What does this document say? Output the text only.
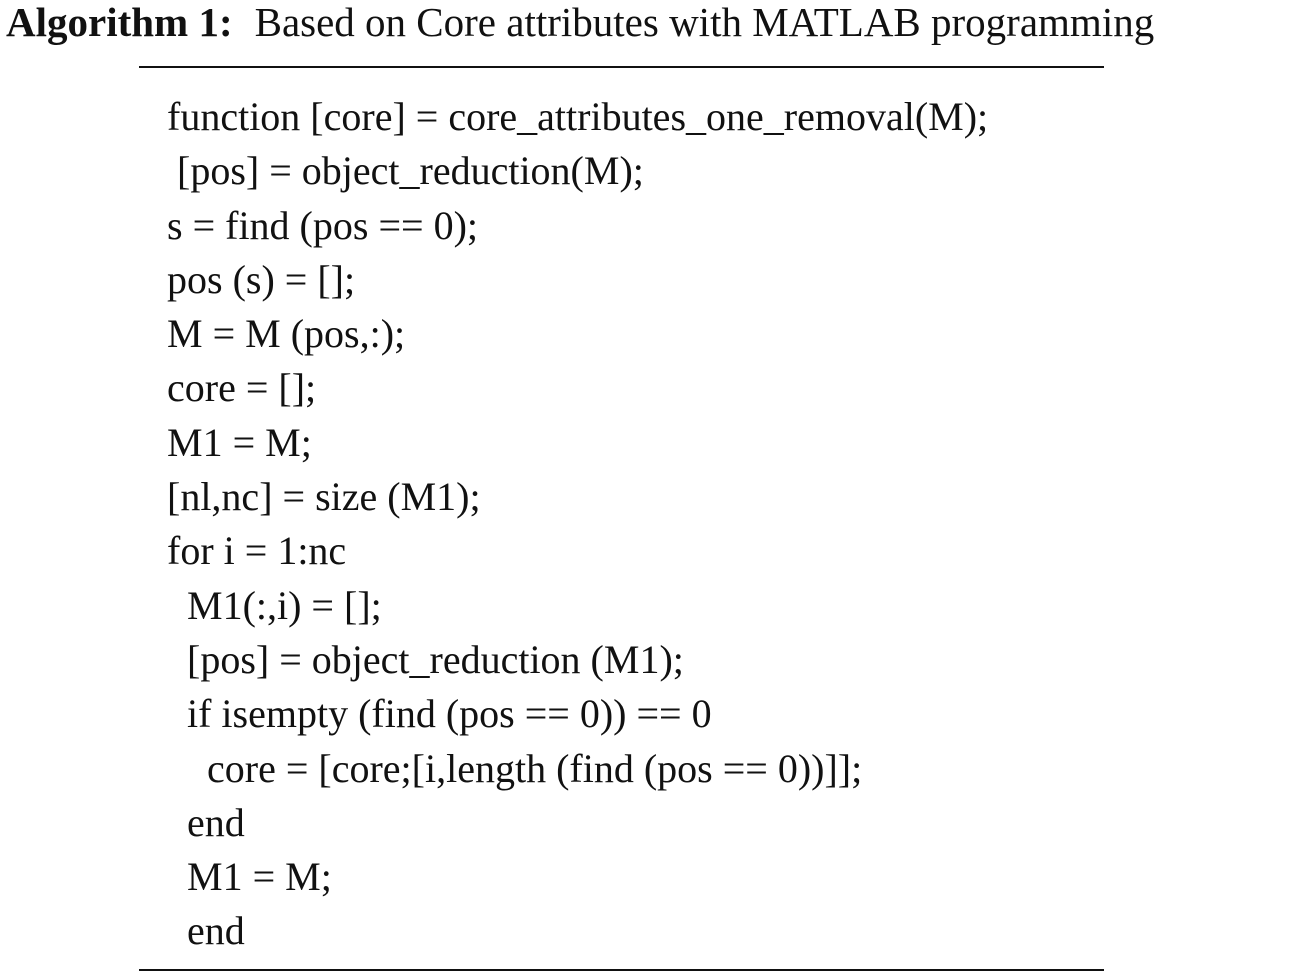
Algorithm 1: Based on Core attributes with MATLAB programming
function [core] = core_attributes_one_removal(M);
[pos] = object_reduction(M);
s = find (pos == 0);
pos (s) = [];
M = M (pos,:);
core = [];
M1 = M;
[nl,nc] = size (M1);
for i = 1:nc
M1(:,i) = [];
[pos] = object_reduction (M1);
if isempty (find (pos == 0)) == 0
core = [core;[i,length (find (pos == 0))]];
end
M1 = M;
end
